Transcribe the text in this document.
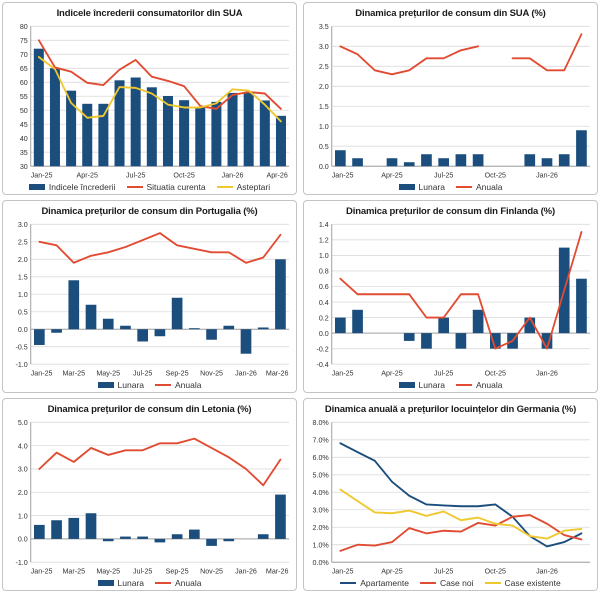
Indicele încrederii consumatorilor din SUA
30
35
40
45
50
55
60
65
70
75
80
Jan-25	Apr-25	Jul-25	Oct-25	Jan-26	Apr-26
Indicele încrederii	Situatia curenta	Asteptari
Dinamica prețurilor de consum din SUA (%)
0.0
0.5
1.0
1.5
2.0
2.5
3.0
3.5
Jan-25	Apr-25	Jul-25	Oct-25	Jan-26
Lunara	Anuala
Dinamica prețurilor de consum din Portugalia (%)
-1.0
-0.5
0.0
0.5
1.0
1.5
2.0
2.5
3.0
Jan-25 Mar-25 May-25 Jul-25 Sep-25 Nov-25 Jan-26 Mar-26
Lunara	Anuala
Dinamica prețurilor de consum din Finlanda (%)
-0.4
-0.2
0.0
0.2
0.4
0.6
0.8
1.0
1.2
1.4
Jan-25	Apr-25	Jul-25	Oct-25	Jan-26
Lunara	Anuala
Dinamica prețurilor de consum din Letonia (%)
-1.0
0.0
1.0
2.0
3.0
4.0
5.0
Jan-25 Mar-25 May-25 Jul-25 Sep-25 Nov-25 Jan-26 Mar-26
Lunara	Anuala
Dinamica anuală a prețurilor locuințelor din Germania (%)
0.0%
1.0%
2.0%
3.0%
4.0%
5.0%
6.0%
7.0%
8.0%
Jan-25	Apr-25	Jul-25	Oct-25	Jan-26
Apartamente	Case noi	Case existente
